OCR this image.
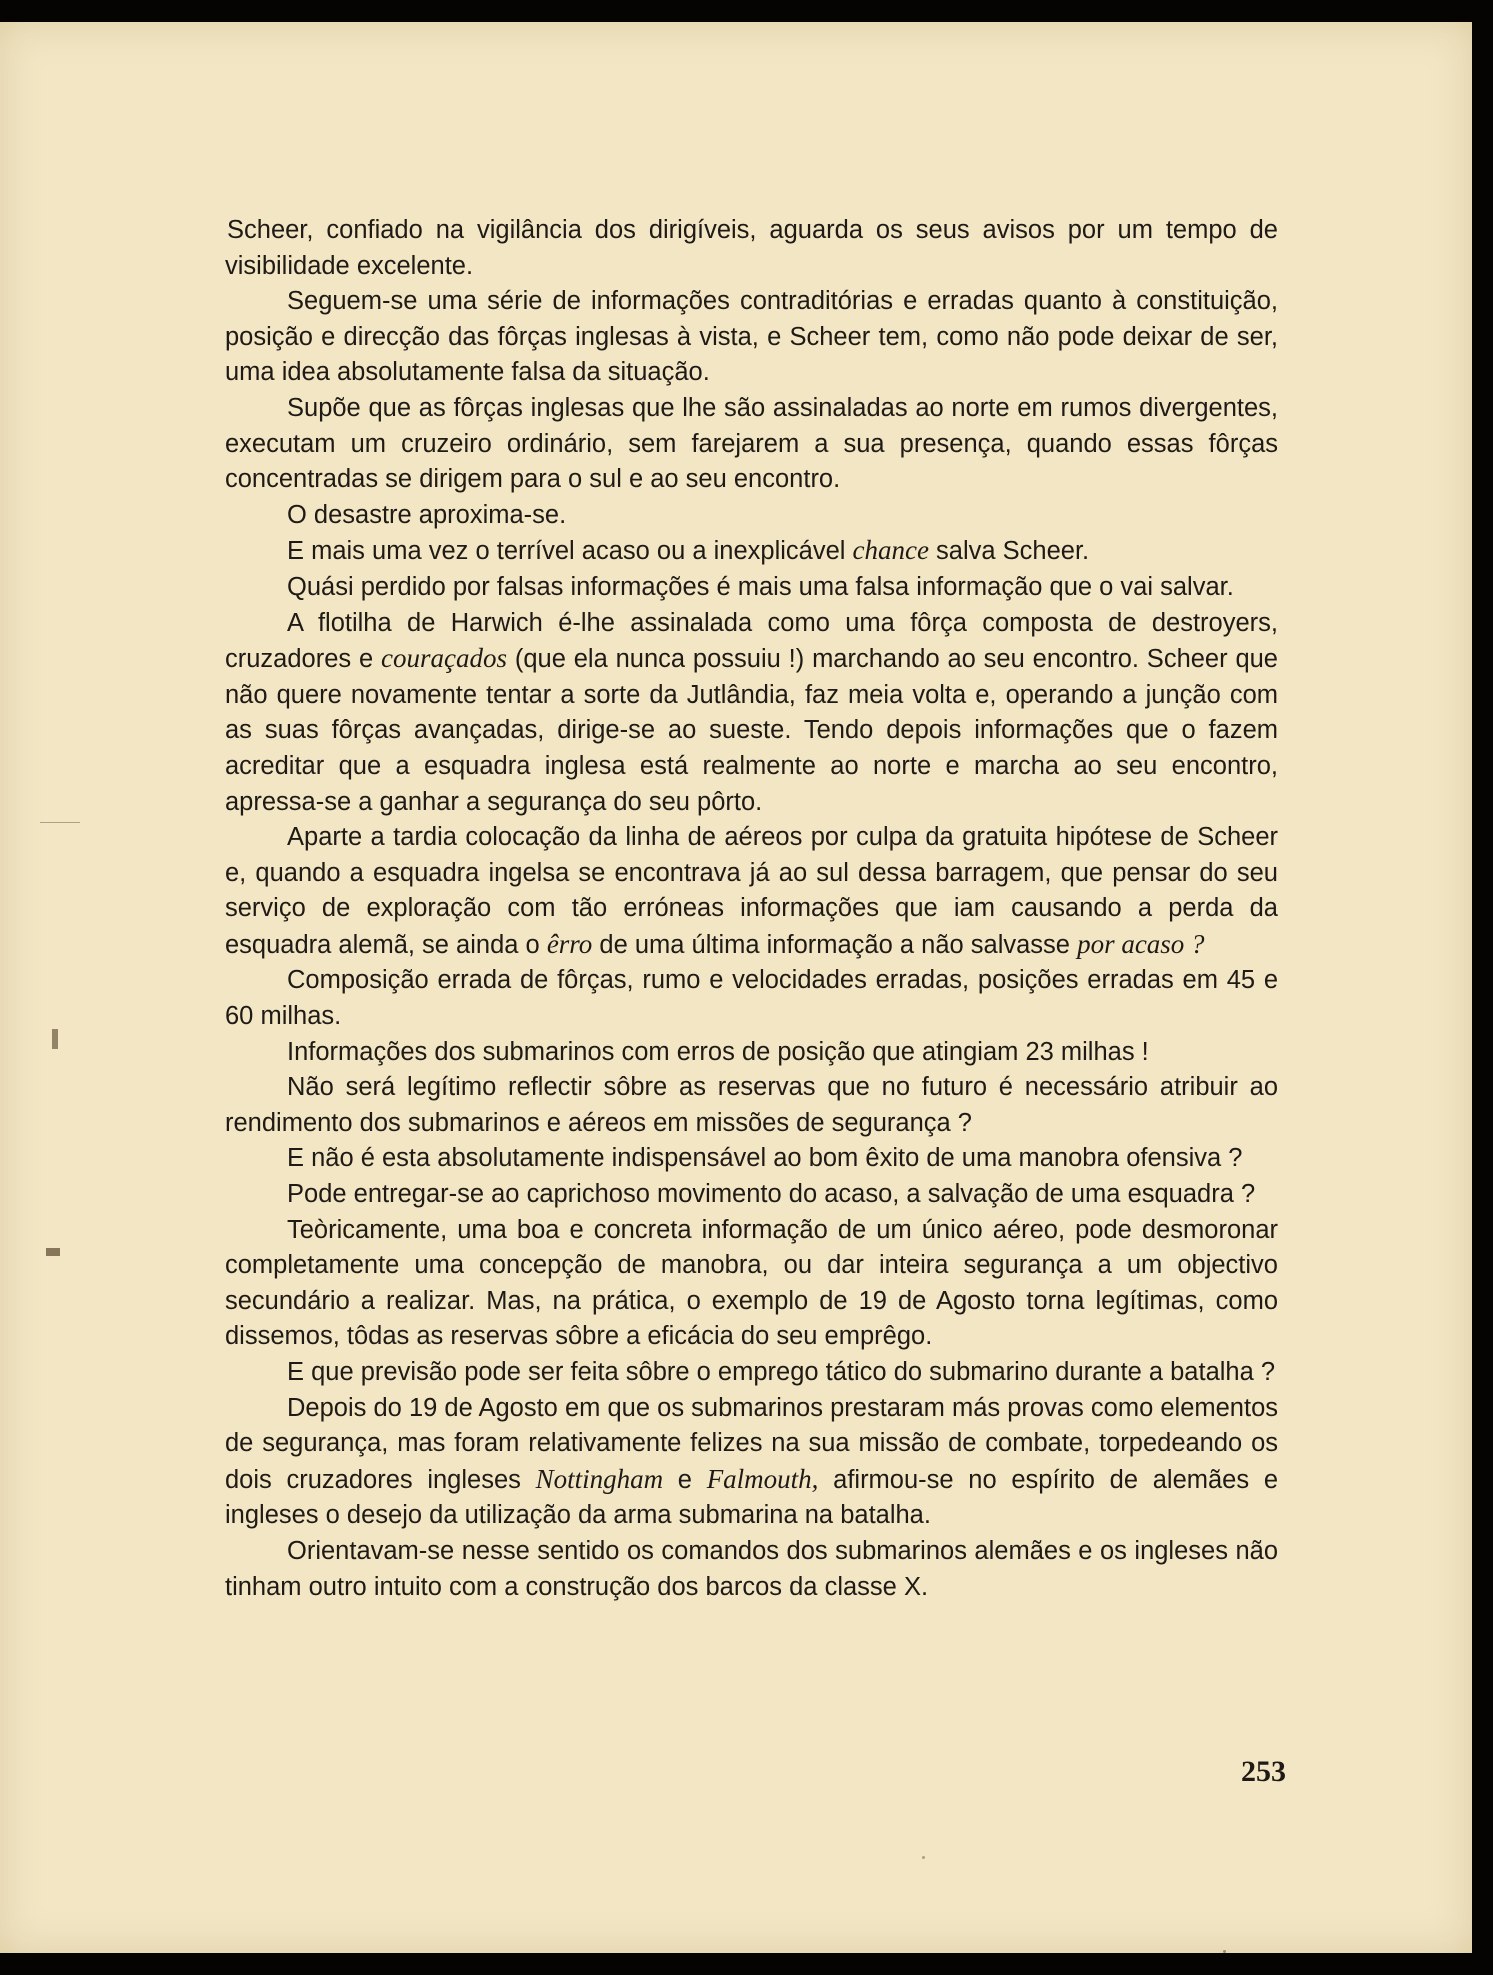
Scheer, confiado na vigilância dos dirigíveis, aguarda os seus avisos por um tempo de visibilidade excelente.

Seguem-se uma série de informações contraditórias e erradas quanto à constituição, posição e direcção das fôrças inglesas à vista, e Scheer tem, como não pode deixar de ser, uma idea absolutamente falsa da situação.

Supõe que as fôrças inglesas que lhe são assinaladas ao norte em rumos divergentes, executam um cruzeiro ordinário, sem farejarem a sua presença, quando essas fôrças concentradas se dirigem para o sul e ao seu encontro.

O desastre aproxima-se.

E mais uma vez o terrível acaso ou a inexplicável chance salva Scheer.

Quási perdido por falsas informações é mais uma falsa informação que o vai salvar.

A flotilha de Harwich é-lhe assinalada como uma fôrça composta de destroyers, cruzadores e couraçados (que ela nunca possuiu !) marchando ao seu encontro. Scheer que não quere novamente tentar a sorte da Jutlândia, faz meia volta e, operando a junção com as suas fôrças avançadas, dirige-se ao sueste. Tendo depois informações que o fazem acreditar que a esquadra inglesa está realmente ao norte e marcha ao seu encontro, apressa-se a ganhar a segurança do seu pôrto.

Aparte a tardia colocação da linha de aéreos por culpa da gratuita hipótese de Scheer e, quando a esquadra ingelsa se encontrava já ao sul dessa barragem, que pensar do seu serviço de exploração com tão erróneas informações que iam causando a perda da esquadra alemã, se ainda o êrro de uma última informação a não salvasse por acaso ?

Composição errada de fôrças, rumo e velocidades erradas, posições erradas em 45 e 60 milhas.

Informações dos submarinos com erros de posição que atingiam 23 milhas !

Não será legítimo reflectir sôbre as reservas que no futuro é necessário atribuir ao rendimento dos submarinos e aéreos em missões de segurança ?

E não é esta absolutamente indispensável ao bom êxito de uma manobra ofensiva ?

Pode entregar-se ao caprichoso movimento do acaso, a salvação de uma esquadra ?

Teòricamente, uma boa e concreta informação de um único aéreo, pode desmoronar completamente uma concepção de manobra, ou dar inteira segurança a um objectivo secundário a realizar. Mas, na prática, o exemplo de 19 de Agosto torna legítimas, como dissemos, tôdas as reservas sôbre a eficácia do seu emprêgo.

E que previsão pode ser feita sôbre o emprego tático do submarino durante a batalha ?

Depois do 19 de Agosto em que os submarinos prestaram más provas como elementos de segurança, mas foram relativamente felizes na sua missão de combate, torpedeando os dois cruzadores ingleses Nottingham e Falmouth, afirmou-se no espírito de alemães e ingleses o desejo da utilização da arma submarina na batalha.

Orientavam-se nesse sentido os comandos dos submarinos alemães e os ingleses não tinham outro intuito com a construção dos barcos da classe X.

253
